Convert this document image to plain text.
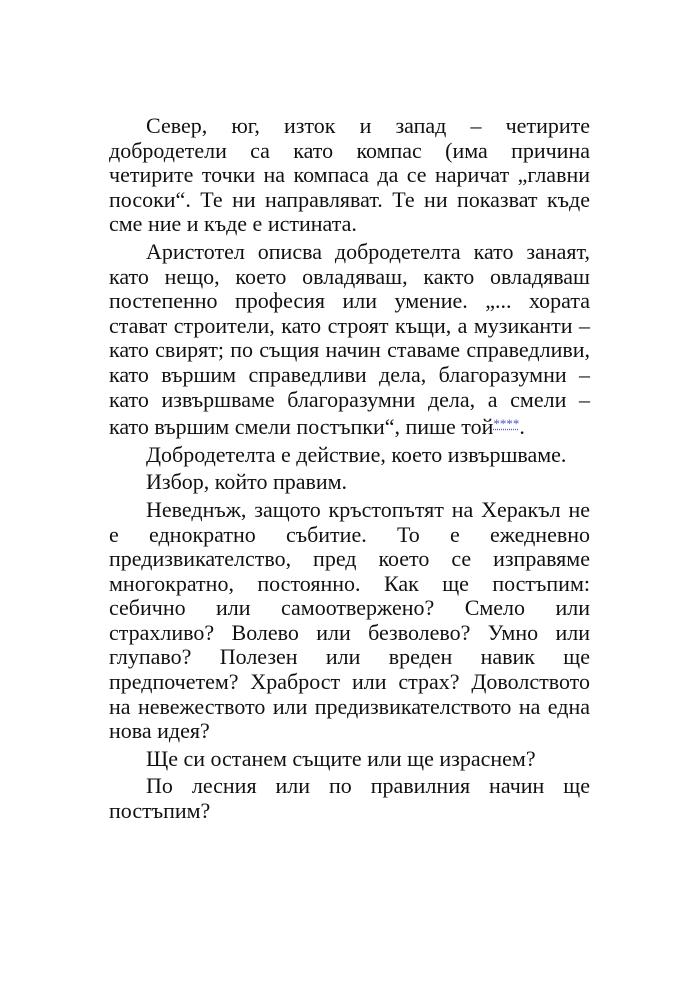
Север, юг, изток и запад – четирите добродетели са като компас (има причина четирите точки на компаса да се наричат „главни посоки“. Те ни направляват. Те ни показват къде сме ние и къде е истината.

Аристотел описва добродетелта като занаят, като нещо, което овладяваш, както овладяваш постепенно професия или умение. „... хората стават строители, като строят къщи, а музиканти – като свирят; по същия начин ставаме справедливи, като вършим справедливи дела, благоразумни – като извършваме благоразумни дела, а смели – като вършим смели постъпки“, пише той****.

Добродетелта е действие, което извършваме.

Избор, който правим.

Неведнъж, защото кръстопътят на Херакъл не е еднократно събитие. То е ежедневно предизвикателство, пред което се изправяме многократно, постоянно. Как ще постъпим: себично или самоотвержено? Смело или страхливо? Волево или безволево? Умно или глупаво? Полезен или вреден навик ще предпочетем? Храброст или страх? Доволството на невежеството или предизвикателството на една нова идея?

Ще си останем същите или ще израснем?

По лесния или по правилния начин ще постъпим?
